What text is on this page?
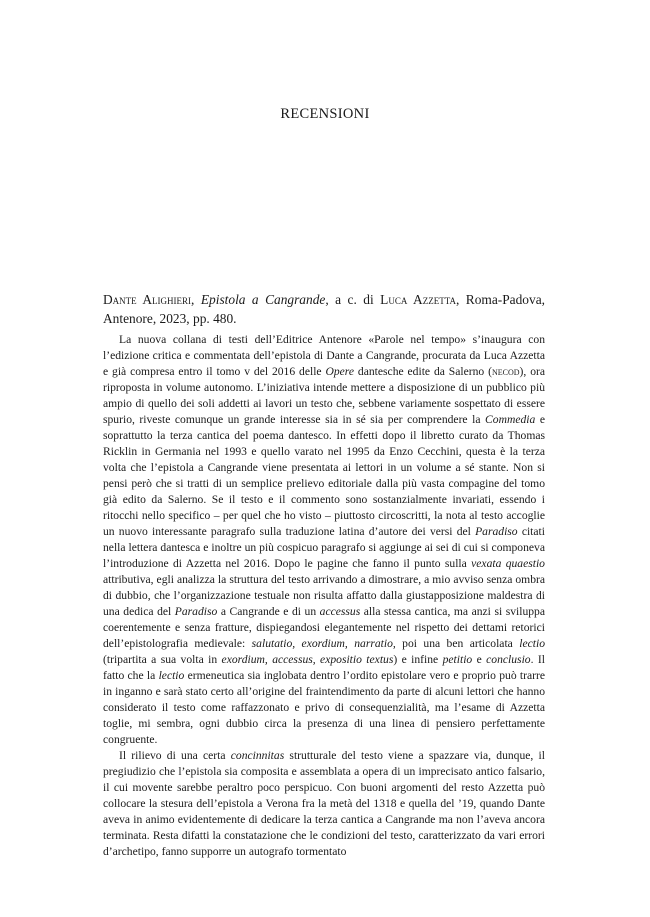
RECENSIONI
Dante Alighieri, Epistola a Cangrande, a c. di Luca Azzetta, Roma-Padova, Antenore, 2023, pp. 480.

La nuova collana di testi dell’Editrice Antenore «Parole nel tempo» s’inaugura con l’edizione critica e commentata dell’epistola di Dante a Cangrande, procurata da Luca Azzetta e già compresa entro il tomo v del 2016 delle Opere dantesche edite da Salerno (necod), ora riproposta in volume autonomo. L’iniziativa intende mettere a disposizione di un pubblico più ampio di quello dei soli addetti ai lavori un testo che, sebbene variamente sospettato di essere spurio, riveste comunque un grande interesse sia in sé sia per comprendere la Commedia e soprattutto la terza cantica del poema dantesco. In effetti dopo il libretto curato da Thomas Ricklin in Germania nel 1993 e quello varato nel 1995 da Enzo Cecchini, questa è la terza volta che l’epistola a Cangrande viene presentata ai lettori in un volume a sé stante. Non si pensi però che si tratti di un semplice prelievo editoriale dalla più vasta compagine del tomo già edito da Salerno. Se il testo e il commento sono sostanzialmente invariati, essendo i ritocchi nello specifico – per quel che ho visto – piuttosto circoscritti, la nota al testo accoglie un nuovo interessante paragrafo sulla traduzione latina d’autore dei versi del Paradiso citati nella lettera dantesca e inoltre un più cospicuo paragrafo si aggiunge ai sei di cui si componeva l’introduzione di Azzetta nel 2016. Dopo le pagine che fanno il punto sulla vexata quaestio attributiva, egli analizza la struttura del testo arrivando a dimostrare, a mio avviso senza ombra di dubbio, che l’organizzazione testuale non risulta affatto dalla giustapposizione maldestra di una dedica del Paradiso a Cangrande e di un accessus alla stessa cantica, ma anzi si sviluppa coerentemente e senza fratture, dispiegandosi elegantemente nel rispetto dei dettami retorici dell’epistolografia medievale: salutatio, exordium, narratio, poi una ben articolata lectio (tripartita a sua volta in exordium, accessus, expositio textus) e infine petitio e conclusio. Il fatto che la lectio ermeneutica sia inglobata dentro l’ordito epistolare vero e proprio può trarre in inganno e sarà stato certo all’origine del fraintendimento da parte di alcuni lettori che hanno considerato il testo come raffazzonato e privo di consequenzialità, ma l’esame di Azzetta toglie, mi sembra, ogni dubbio circa la presenza di una linea di pensiero perfettamente congruente.

Il rilievo di una certa concinnitas strutturale del testo viene a spazzare via, dunque, il pregiudizio che l’epistola sia composita e assemblata a opera di un imprecisato antico falsario, il cui movente sarebbe peraltro poco perspicuo. Con buoni argomenti del resto Azzetta può collocare la stesura dell’epistola a Verona fra la metà del 1318 e quella del ’19, quando Dante aveva in animo evidentemente di dedicare la terza cantica a Cangrande ma non l’aveva ancora terminata. Resta difatti la constatazione che le condizioni del testo, caratterizzato da vari errori d’archetipo, fanno supporre un autografo tormentato
